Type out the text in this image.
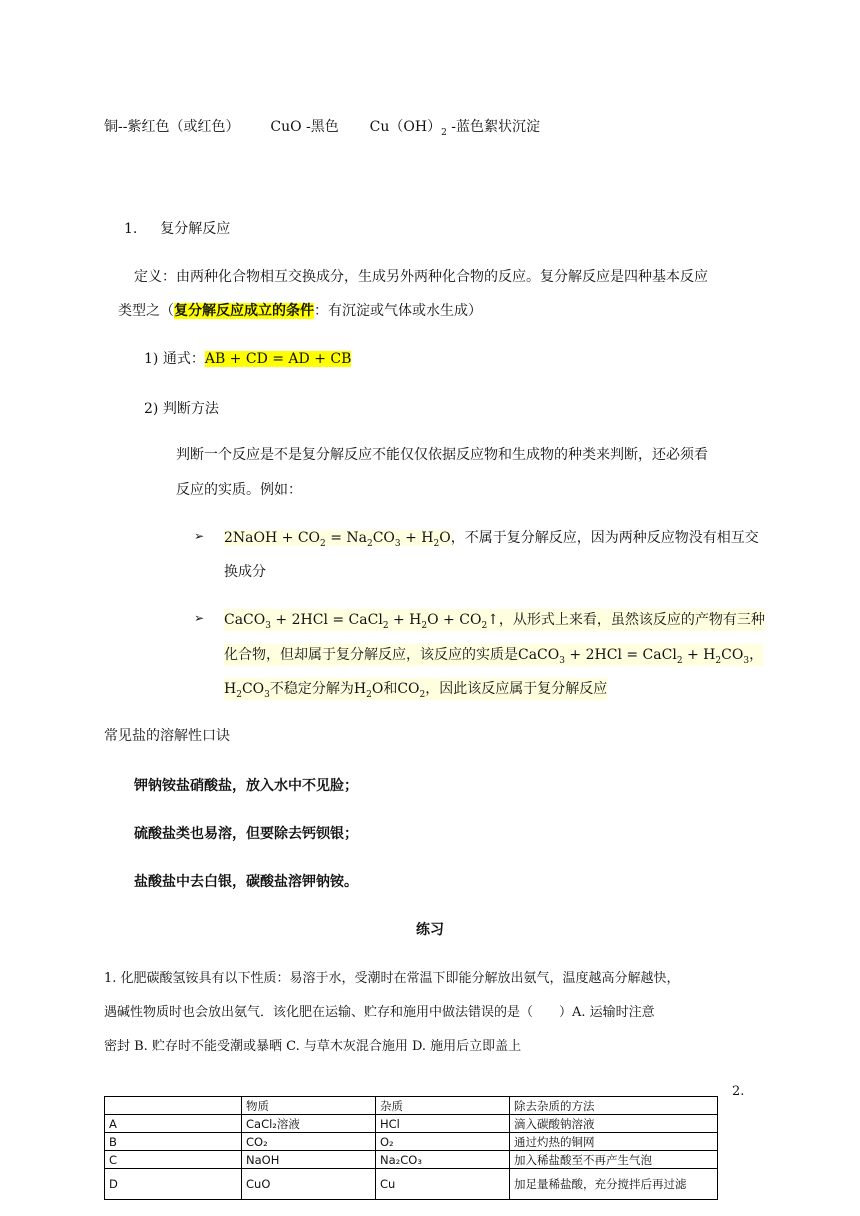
铜--紫红色（或红色） CuO -黑色 $Cu(OH)_2$ -蓝色絮状沉淀
1. 复分解反应
定义：由两种化合物相互交换成分，生成另外两种化合物的反应。复分解反应是四种基本反应
类型之（复分解反应成立的条件：有沉淀或气体或水生成）
1) 通式：AB + CD = AD + CB
2) 判断方法
判断一个反应是不是复分解反应不能仅仅依据反应物和生成物的种类来判断，还必须看
反应的实质。例如：
➢ 2NaOH + $CO_2 = Na_2CO_3 + H_2O$，不属于复分解反应，因为两种反应物没有相互交
换成分
➢ CaCO$_3$ + 2HCl = CaCl$_2$ + $H_2O$ + $CO_2↑$，从形式上来看，虽然该反应的产物有三种
化合物，但却属于复分解反应，该反应的实质是CaCO$_3$ + 2HCl = CaCl$_2$ + $H_2CO_3$，
$H_2CO_3$不稳定分解为$H_2O$和$CO_2$，因此该反应属于复分解反应
常见盐的溶解性口诀
钾钠铵盐硝酸盐，放入水中不见脸；
硫酸盐类也易溶，但要除去钙钡银；
盐酸盐中去白银，碳酸盐溶钾钠铵。
练习
1. 化肥碳酸氢铵具有以下性质：易溶于水，受潮时在常温下即能分解放出氨气，温度越高分解越快，
遇碱性物质时也会放出氨气．该化肥在运输、贮存和施用中做法错误的是（　　）A. 运输时注意
密封 B. 贮存时不能受潮或暴晒 C. 与草木灰混合施用 D. 施用后立即盖上
2.
	物质	杂质	除去杂质的方法
A	CaCl₂溶液	HCl	滴入碳酸钠溶液
B	CO₂	O₂	通过灼热的铜网
C	NaOH	Na₂CO₃	加入稀盐酸至不再产生气泡
D	CuO	Cu	加足量稀盐酸，充分搅拌后再过滤
